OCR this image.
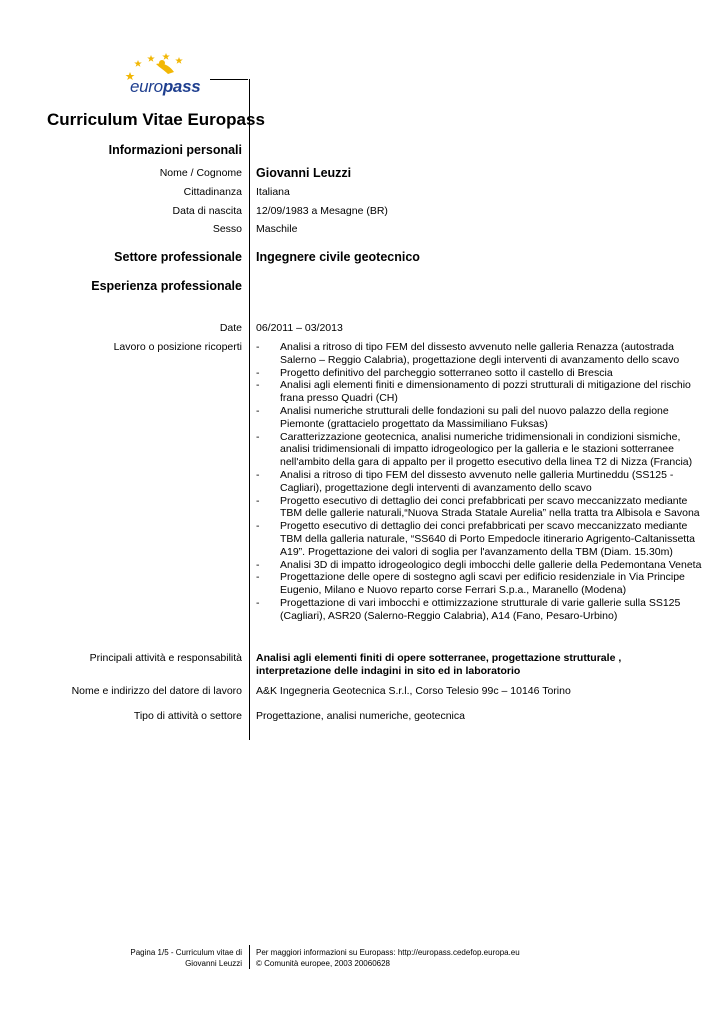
europass
Curriculum Vitae Europass
Informazioni personali
Nome / Cognome Giovanni Leuzzi
Cittadinanza Italiana
Data di nascita 12/09/1983 a Mesagne (BR)
Sesso Maschile
Settore professionale Ingegnere civile geotecnico
Esperienza professionale
Date 06/2011 – 03/2013
Lavoro o posizione ricoperti - Analisi a ritroso di tipo FEM del dissesto avvenuto nelle galleria Renazza (autostrada Salerno – Reggio Calabria), progettazione degli interventi di avanzamento dello scavo
- Progetto definitivo del parcheggio sotterraneo sotto il castello di Brescia
- Analisi agli elementi finiti e dimensionamento di pozzi strutturali di mitigazione del rischio frana presso Quadri (CH)
- Analisi numeriche strutturali delle fondazioni su pali del nuovo palazzo della regione Piemonte (grattacielo progettato da Massimiliano Fuksas)
- Caratterizzazione geotecnica, analisi numeriche tridimensionali in condizioni sismiche, analisi tridimensionali di impatto idrogeologico per la galleria e le stazioni sotterranee nell'ambito della gara di appalto per il progetto esecutivo della linea T2 di Nizza (Francia)
- Analisi a ritroso di tipo FEM del dissesto avvenuto nelle galleria Murtineddu (SS125 - Cagliari), progettazione degli interventi di avanzamento dello scavo
- Progetto esecutivo di dettaglio dei conci prefabbricati per scavo meccanizzato mediante TBM delle gallerie naturali,“Nuova Strada Statale Aurelia” nella tratta tra Albisola e Savona
- Progetto esecutivo di dettaglio dei conci prefabbricati per scavo meccanizzato mediante TBM della galleria naturale, “SS640 di Porto Empedocle itinerario Agrigento-Caltanissetta A19”. Progettazione dei valori di soglia per l'avanzamento della TBM (Diam. 15.30m)
- Analisi 3D di impatto idrogeologico degli imbocchi delle gallerie della Pedemontana Veneta
- Progettazione delle opere di sostegno agli scavi per edificio residenziale in Via Principe Eugenio, Milano e Nuovo reparto corse Ferrari S.p.a., Maranello (Modena)
- Progettazione di vari imbocchi e ottimizzazione strutturale di varie gallerie sulla SS125 (Cagliari), ASR20 (Salerno-Reggio Calabria), A14 (Fano, Pesaro-Urbino)
Principali attività e responsabilità Analisi agli elementi finiti di opere sotterranee, progettazione strutturale , interpretazione delle indagini in sito ed in laboratorio
Nome e indirizzo del datore di lavoro A&K Ingegneria Geotecnica S.r.l., Corso Telesio 99c – 10146 Torino
Tipo di attività o settore Progettazione, analisi numeriche, geotecnica
Pagina 1/5 - Curriculum vitae di
Giovanni Leuzzi
Per maggiori informazioni su Europass: http://europass.cedefop.europa.eu
© Comunità europee, 2003 20060628
